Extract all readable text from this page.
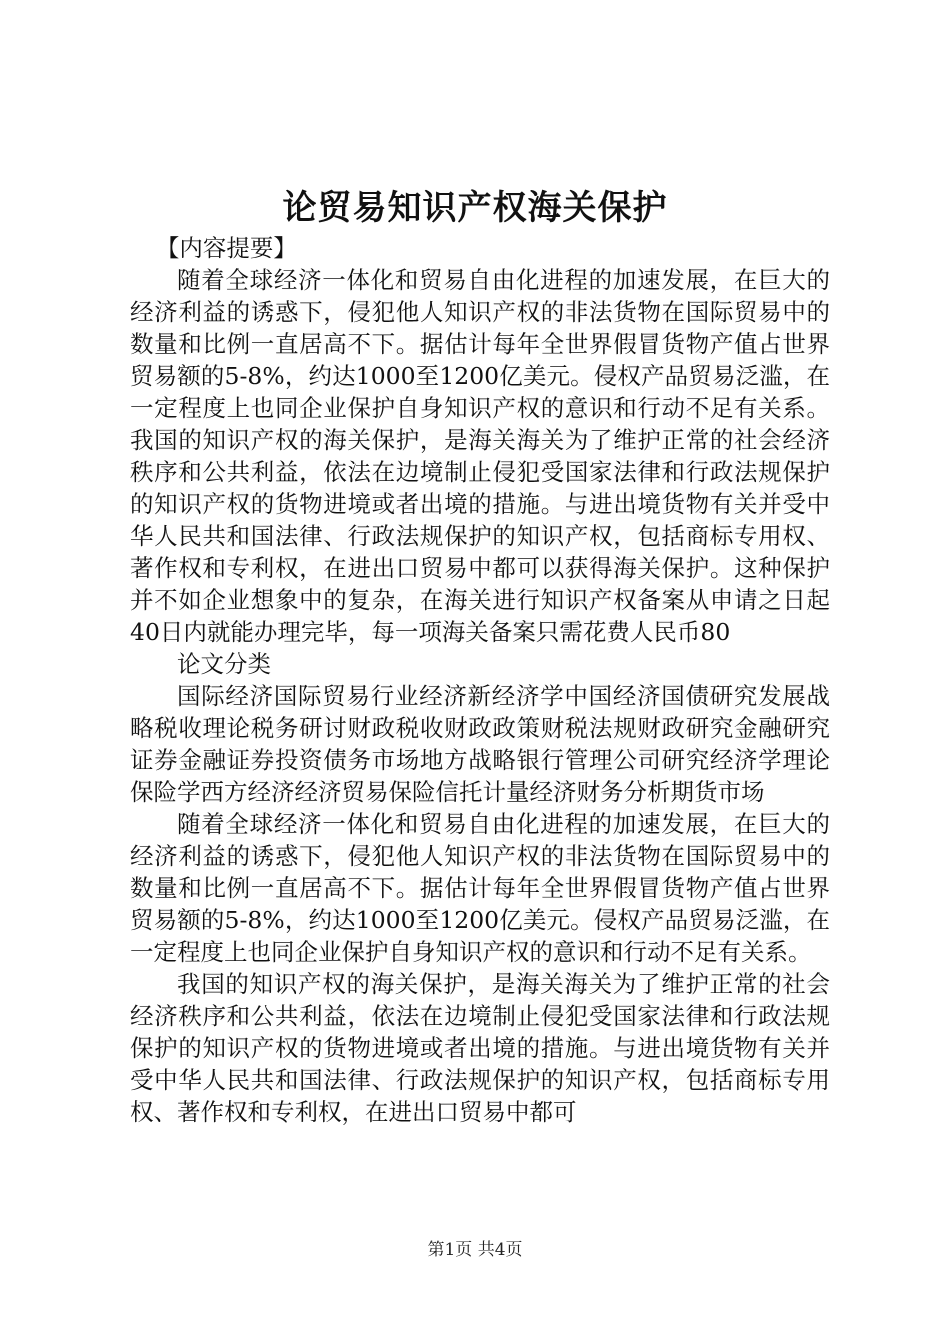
论贸易知识产权海关保护

【内容提要】

随着全球经济一体化和贸易自由化进程的加速发展，在巨大的经济利益的诱惑下，侵犯他人知识产权的非法货物在国际贸易中的数量和比例一直居高不下。据估计每年全世界假冒货物产值占世界贸易额的5-8%，约达1000至1200亿美元。侵权产品贸易泛滥，在一定程度上也同企业保护自身知识产权的意识和行动不足有关系。我国的知识产权的海关保护，是海关海关为了维护正常的社会经济秩序和公共利益，依法在边境制止侵犯受国家法律和行政法规保护的知识产权的货物进境或者出境的措施。与进出境货物有关并受中华人民共和国法律、行政法规保护的知识产权，包括商标专用权、著作权和专利权，在进出口贸易中都可以获得海关保护。这种保护并不如企业想象中的复杂，在海关进行知识产权备案从申请之日起40日内就能办理完毕，每一项海关备案只需花费人民币80

论文分类

国际经济国际贸易行业经济新经济学中国经济国债研究发展战略税收理论税务研讨财政税收财政政策财税法规财政研究金融研究证券金融证券投资债务市场地方战略银行管理公司研究经济学理论保险学西方经济经济贸易保险信托计量经济财务分析期货市场

随着全球经济一体化和贸易自由化进程的加速发展，在巨大的经济利益的诱惑下，侵犯他人知识产权的非法货物在国际贸易中的数量和比例一直居高不下。据估计每年全世界假冒货物产值占世界贸易额的5-8%，约达1000至1200亿美元。侵权产品贸易泛滥，在一定程度上也同企业保护自身知识产权的意识和行动不足有关系。

我国的知识产权的海关保护，是海关海关为了维护正常的社会经济秩序和公共利益，依法在边境制止侵犯受国家法律和行政法规保护的知识产权的货物进境或者出境的措施。与进出境货物有关并受中华人民共和国法律、行政法规保护的知识产权，包括商标专用权、著作权和专利权，在进出口贸易中都可

第1页 共4页
